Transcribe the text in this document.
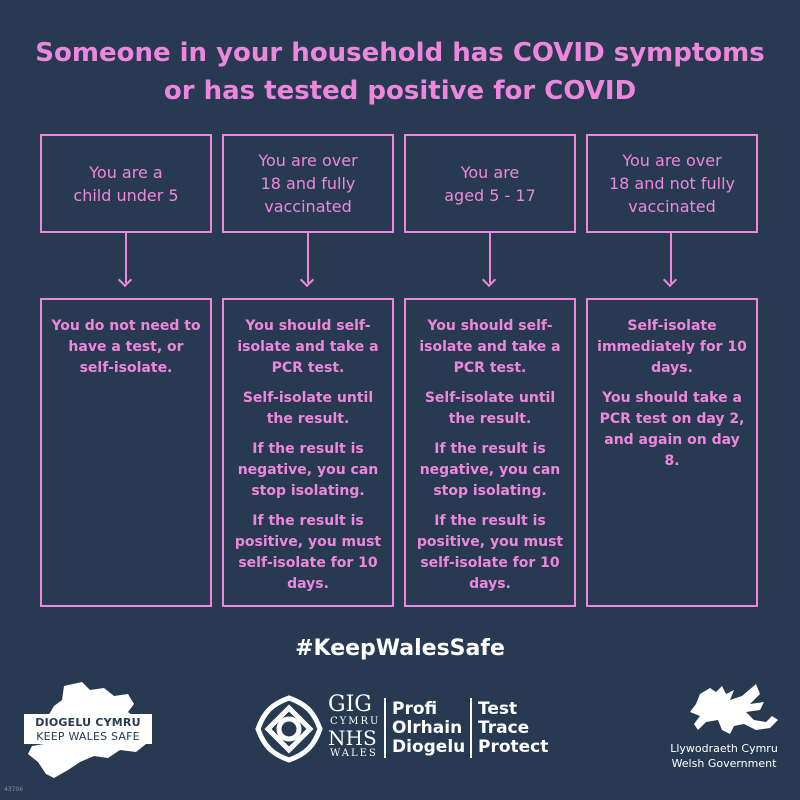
Someone in your household has COVID symptoms
or has tested positive for COVID
You are a
child under 5

You do not need to have a test, or self-isolate.

You are over
18 and fully
vaccinated

You should self-isolate and take a PCR test.

Self-isolate until the result.

If the result is negative, you can stop isolating.

If the result is positive, you must self-isolate for 10 days.

You are
aged 5 - 17

You should self-isolate and take a PCR test.

Self-isolate until the result.

If the result is negative, you can stop isolating.

If the result is positive, you must self-isolate for 10 days.

You are over
18 and not fully
vaccinated

Self-isolate immediately for 10 days.

You should take a PCR test on day 2, and again on day 8.

#KeepWalesSafe
DIOGELU CYMRU
KEEP WALES SAFE
GIG
CYMRU
NHS
WALES
Profi
Olrhain
Diogelu
Test
Trace
Protect	Llywodraeth Cymru
Welsh Government
43706
